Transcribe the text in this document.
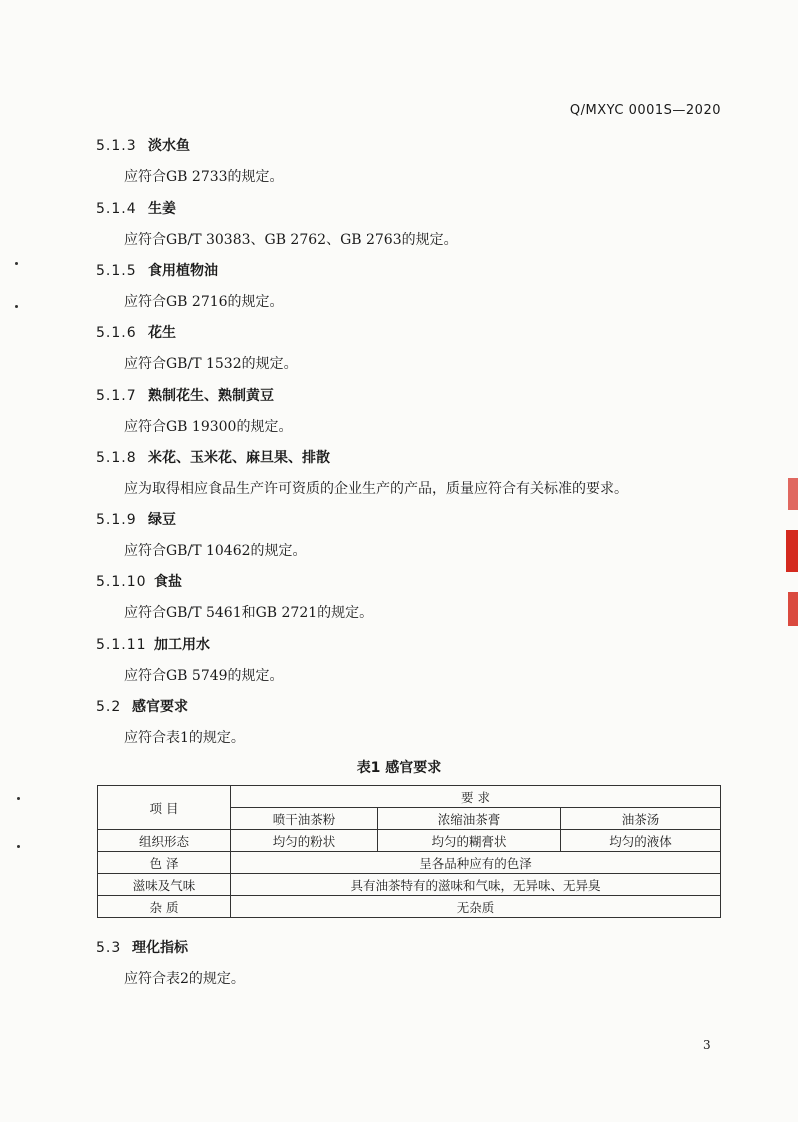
Q/MXYC 0001S—2020
5.1.3 淡水鱼
应符合GB 2733的规定。
5.1.4 生姜
应符合GB/T 30383、GB 2762、GB 2763的规定。
5.1.5 食用植物油
应符合GB 2716的规定。
5.1.6 花生
应符合GB/T 1532的规定。
5.1.7 熟制花生、熟制黄豆
应符合GB 19300的规定。
5.1.8 米花、玉米花、麻旦果、排散
应为取得相应食品生产许可资质的企业生产的产品，质量应符合有关标准的要求。
5.1.9 绿豆
应符合GB/T 10462的规定。
5.1.10 食盐
应符合GB/T 5461和GB 2721的规定。
5.1.11 加工用水
应符合GB 5749的规定。
5.2 感官要求
应符合表1的规定。
表1 感官要求
项 目	要 求		
	喷干油茶粉	浓缩油茶膏	油茶汤
组织形态	均匀的粉状	均匀的糊膏状	均匀的液体
色 泽	呈各品种应有的色泽		
滋味及气味	具有油茶特有的滋味和气味，无异味、无异臭		
杂 质	无杂质		
5.3 理化指标
应符合表2的规定。
3
